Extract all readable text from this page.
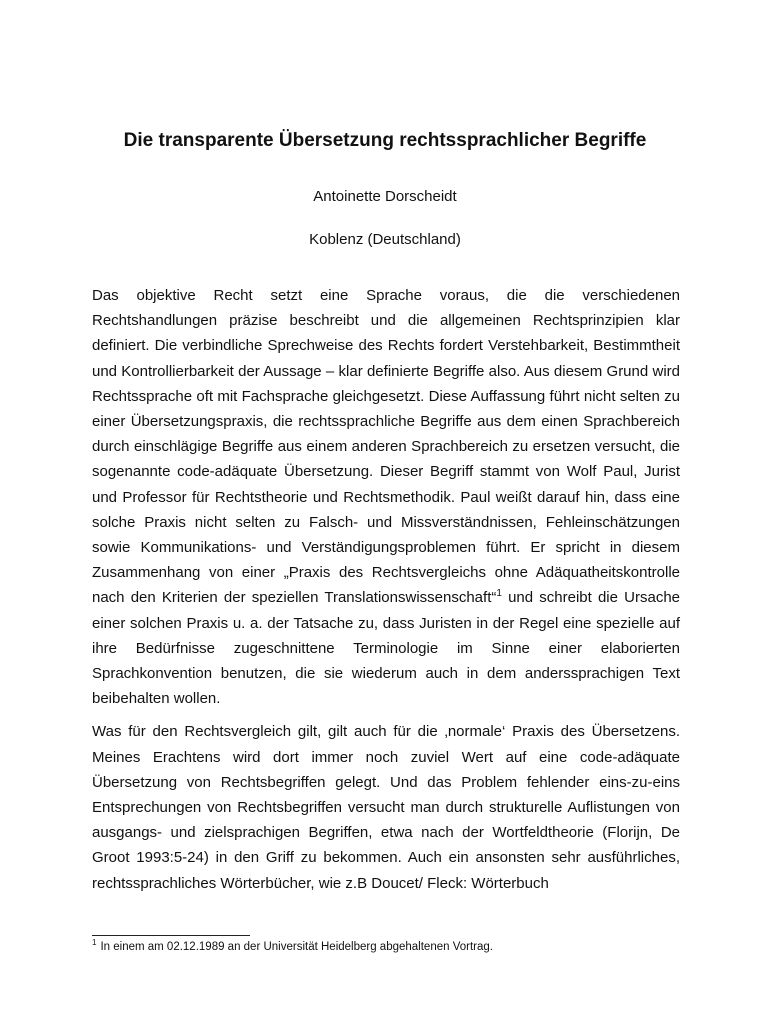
Die transparente Übersetzung rechtssprachlicher Begriffe

Antoinette Dorscheidt

Koblenz (Deutschland)

Das objektive Recht setzt eine Sprache voraus, die die verschiedenen Rechtshandlungen präzise beschreibt und die allgemeinen Rechtsprinzipien klar definiert. Die verbindliche Sprechweise des Rechts fordert Verstehbarkeit, Bestimmtheit und Kontrollierbarkeit der Aussage – klar definierte Begriffe also. Aus diesem Grund wird Rechtssprache oft mit Fachsprache gleichgesetzt. Diese Auffassung führt nicht selten zu einer Übersetzungspraxis, die rechtssprachliche Begriffe aus dem einen Sprachbereich durch einschlägige Begriffe aus einem anderen Sprachbereich zu ersetzen versucht, die sogenannte code-adäquate Übersetzung. Dieser Begriff stammt von Wolf Paul, Jurist und Professor für Rechtstheorie und Rechtsmethodik. Paul weißt darauf hin, dass eine solche Praxis nicht selten zu Falsch- und Missverständnissen, Fehleinschätzungen sowie Kommunikations- und Verständigungsproblemen führt. Er spricht in diesem Zusammenhang von einer „Praxis des Rechtsvergleichs ohne Adäquatheitskontrolle nach den Kriterien der speziellen Translationswissenschaft“$^1$ und schreibt die Ursache einer solchen Praxis u. a. der Tatsache zu, dass Juristen in der Regel eine spezielle auf ihre Bedürfnisse zugeschnittene Terminologie im Sinne einer elaborierten Sprachkonvention benutzen, die sie wiederum auch in dem anderssprachigen Text beibehalten wollen.

Was für den Rechtsvergleich gilt, gilt auch für die ‚normale‘ Praxis des Übersetzens. Meines Erachtens wird dort immer noch zuviel Wert auf eine code-adäquate Übersetzung von Rechtsbegriffen gelegt. Und das Problem fehlender eins-zu-eins Entsprechungen von Rechtsbegriffen versucht man durch strukturelle Auflistungen von ausgangs- und zielsprachigen Begriffen, etwa nach der Wortfeldtheorie (Florijn, De Groot 1993:5-24) in den Griff zu bekommen. Auch ein ansonsten sehr ausführliches, rechtssprachliches Wörterbücher, wie z.B Doucet/ Fleck: Wörterbuch

$^1$ In einem am 02.12.1989 an der Universität Heidelberg abgehaltenen Vortrag.
